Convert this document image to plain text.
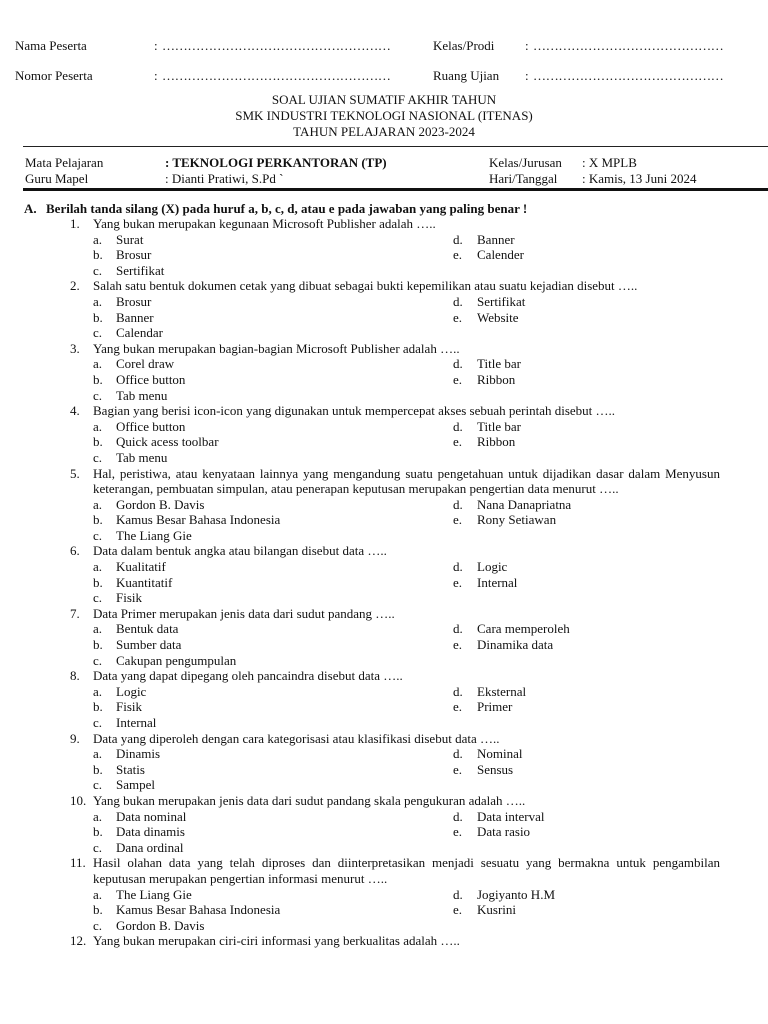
Nama Peserta	: ………………………………………………	Kelas/Prodi : ………………………………………
Nomor Peserta	: ………………………………………………	Ruang Ujian : ………………………………………
SOAL UJIAN SUMATIF AKHIR TAHUN
SMK INDUSTRI TEKNOLOGI NASIONAL (ITENAS)
TAHUN PELAJARAN 2023-2024
Mata Pelajaran	: TEKNOLOGI PERKANTORAN (TP)	Kelas/Jurusan : X MPLB
Guru Mapel	: Dianti Pratiwi, S.Pd `	Hari/Tanggal : Kamis, 13 Juni 2024
A. Berilah tanda silang (X) pada huruf a, b, c, d, atau e pada jawaban yang paling benar !
1.	Yang bukan merupakan kegunaan Microsoft Publisher adalah …..
a. Surat	d. Banner
b. Brosur	e. Calender
c. Sertifikat
2.	Salah satu bentuk dokumen cetak yang dibuat sebagai bukti kepemilikan atau suatu kejadian disebut …..
a. Brosur	d. Sertifikat
b. Banner	e. Website
c. Calendar
3.	Yang bukan merupakan bagian-bagian Microsoft Publisher adalah …..
a. Corel draw	d. Title bar
b. Office button	e. Ribbon
c. Tab menu
4.	Bagian yang berisi icon-icon yang digunakan untuk mempercepat akses sebuah perintah disebut …..
a. Office button	d. Title bar
b. Quick acess toolbar	e. Ribbon
c. Tab menu
5.	Hal, peristiwa, atau kenyataan lainnya yang mengandung suatu pengetahuan untuk dijadikan dasar dalam Menyusun keterangan, pembuatan simpulan, atau penerapan keputusan merupakan pengertian data menurut …..
a. Gordon B. Davis	d. Nana Danapriatna
b. Kamus Besar Bahasa Indonesia	e. Rony Setiawan
c. The Liang Gie
6.	Data dalam bentuk angka atau bilangan disebut data …..
a. Kualitatif	d. Logic
b. Kuantitatif	e. Internal
c. Fisik
7.	Data Primer merupakan jenis data dari sudut pandang …..
a. Bentuk data	d. Cara memperoleh
b. Sumber data	e. Dinamika data
c. Cakupan pengumpulan
8.	Data yang dapat dipegang oleh pancaindra disebut data …..
a. Logic	d. Eksternal
b. Fisik	e. Primer
c. Internal
9.	Data yang diperoleh dengan cara kategorisasi atau klasifikasi disebut data …..
a. Dinamis	d. Nominal
b. Statis	e. Sensus
c. Sampel
10. Yang bukan merupakan jenis data dari sudut pandang skala pengukuran adalah …..
a. Data nominal	d. Data interval
b. Data dinamis	e. Data rasio
c. Dana ordinal
11. Hasil olahan data yang telah diproses dan diinterpretasikan menjadi sesuatu yang bermakna untuk pengambilan keputusan merupakan pengertian informasi menurut …..
a. The Liang Gie	d. Jogiyanto H.M
b. Kamus Besar Bahasa Indonesia	e. Kusrini
c. Gordon B. Davis
12. Yang bukan merupakan ciri-ciri informasi yang berkualitas adalah …..
